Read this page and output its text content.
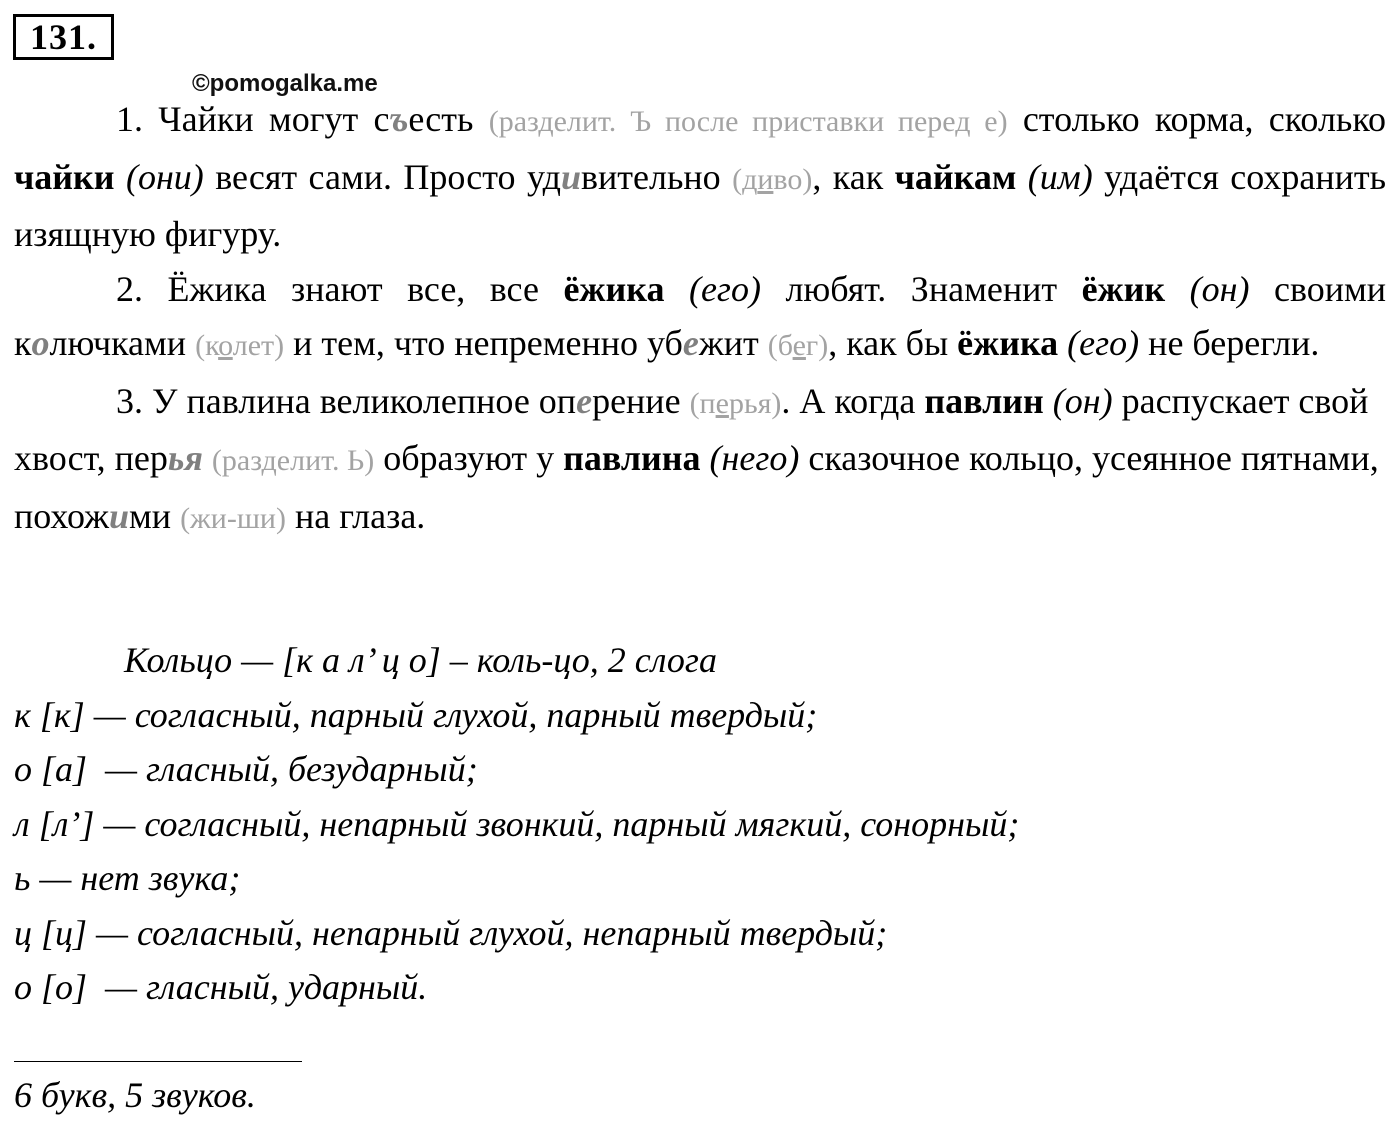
131.
©pomogalka.me

1. Чайки могут съесть (разделит. Ъ после приставки перед е) столько корма, сколько чайки (они) весят сами. Просто удивительно (диво), как чайкам (им) удаётся сохранить изящную фигуру.

2. Ёжика знают все, все ёжика (его) любят. Знаменит ёжик (он) своими колючками (колет) и тем, что непременно убежит (бег), как бы ёжика (его) не берегли.

3. У павлина великолепное оперение (перья). А когда павлин (он) распускает свой хвост, перья (разделит. Ь) образуют у павлина (него) сказочное кольцо, усеянное пятнами, похожими (жи-ши) на глаза.

Кольцо — [к а л’ ц о] – коль-цо, 2 слога
к [к] — согласный, парный глухой, парный твердый;
о [а]  — гласный, безударный;
л [л’] — согласный, непарный звонкий, парный мягкий, сонорный;
ь — нет звука;
ц [ц] — согласный, непарный глухой, непарный твердый;
о [о]  — гласный, ударный.
6 букв, 5 звуков.
